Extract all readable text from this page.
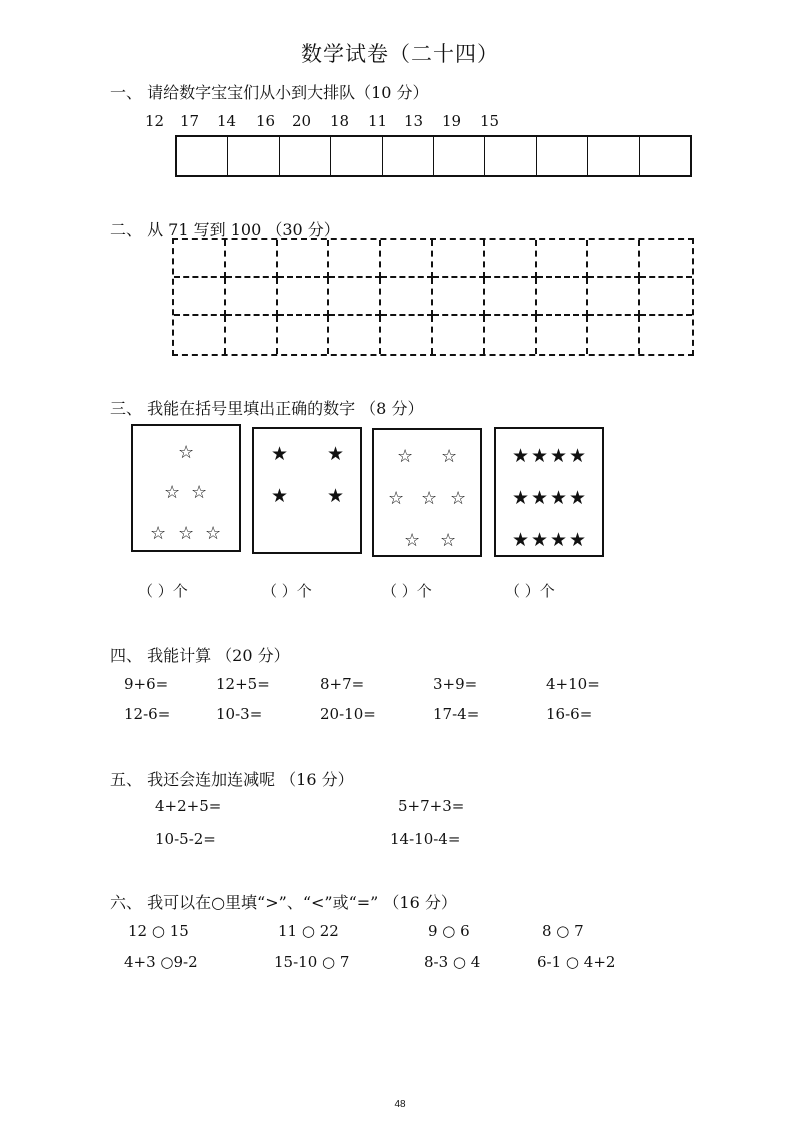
数学试卷（二十四）
一、 请给数字宝宝们从小到大排队（10 分）
12 17 14 16 20 18 11 13 19 15
二、 从 71 写到 100 （30 分）
三、 我能在括号里填出正确的数字 （8 分）
☆
☆ ☆
☆ ☆ ☆
★ ★
★ ★
☆ ☆
☆ ☆ ☆
☆ ☆
★ ★ ★ ★
★ ★ ★ ★
★ ★ ★ ★
（ ）个	（ ）个	（ ）个	（ ）个
四、 我能计算 （20 分）
9+6=	12+5=	8+7=	3+9=	4+10=
12-6=	10-3=	20-10=	17-4=	16-6=
五、 我还会连加连减呢 （16 分）
4+2+5=	5+7+3=
10-5-2=	14-10-4=
六、 我可以在○里填“>”、“<”或“=” （16 分）
12 ○ 15	11 ○ 22	9 ○ 6	8 ○ 7
4+3 ○9-2	15-10 ○ 7	8-3 ○ 4	6-1 ○ 4+2
48
